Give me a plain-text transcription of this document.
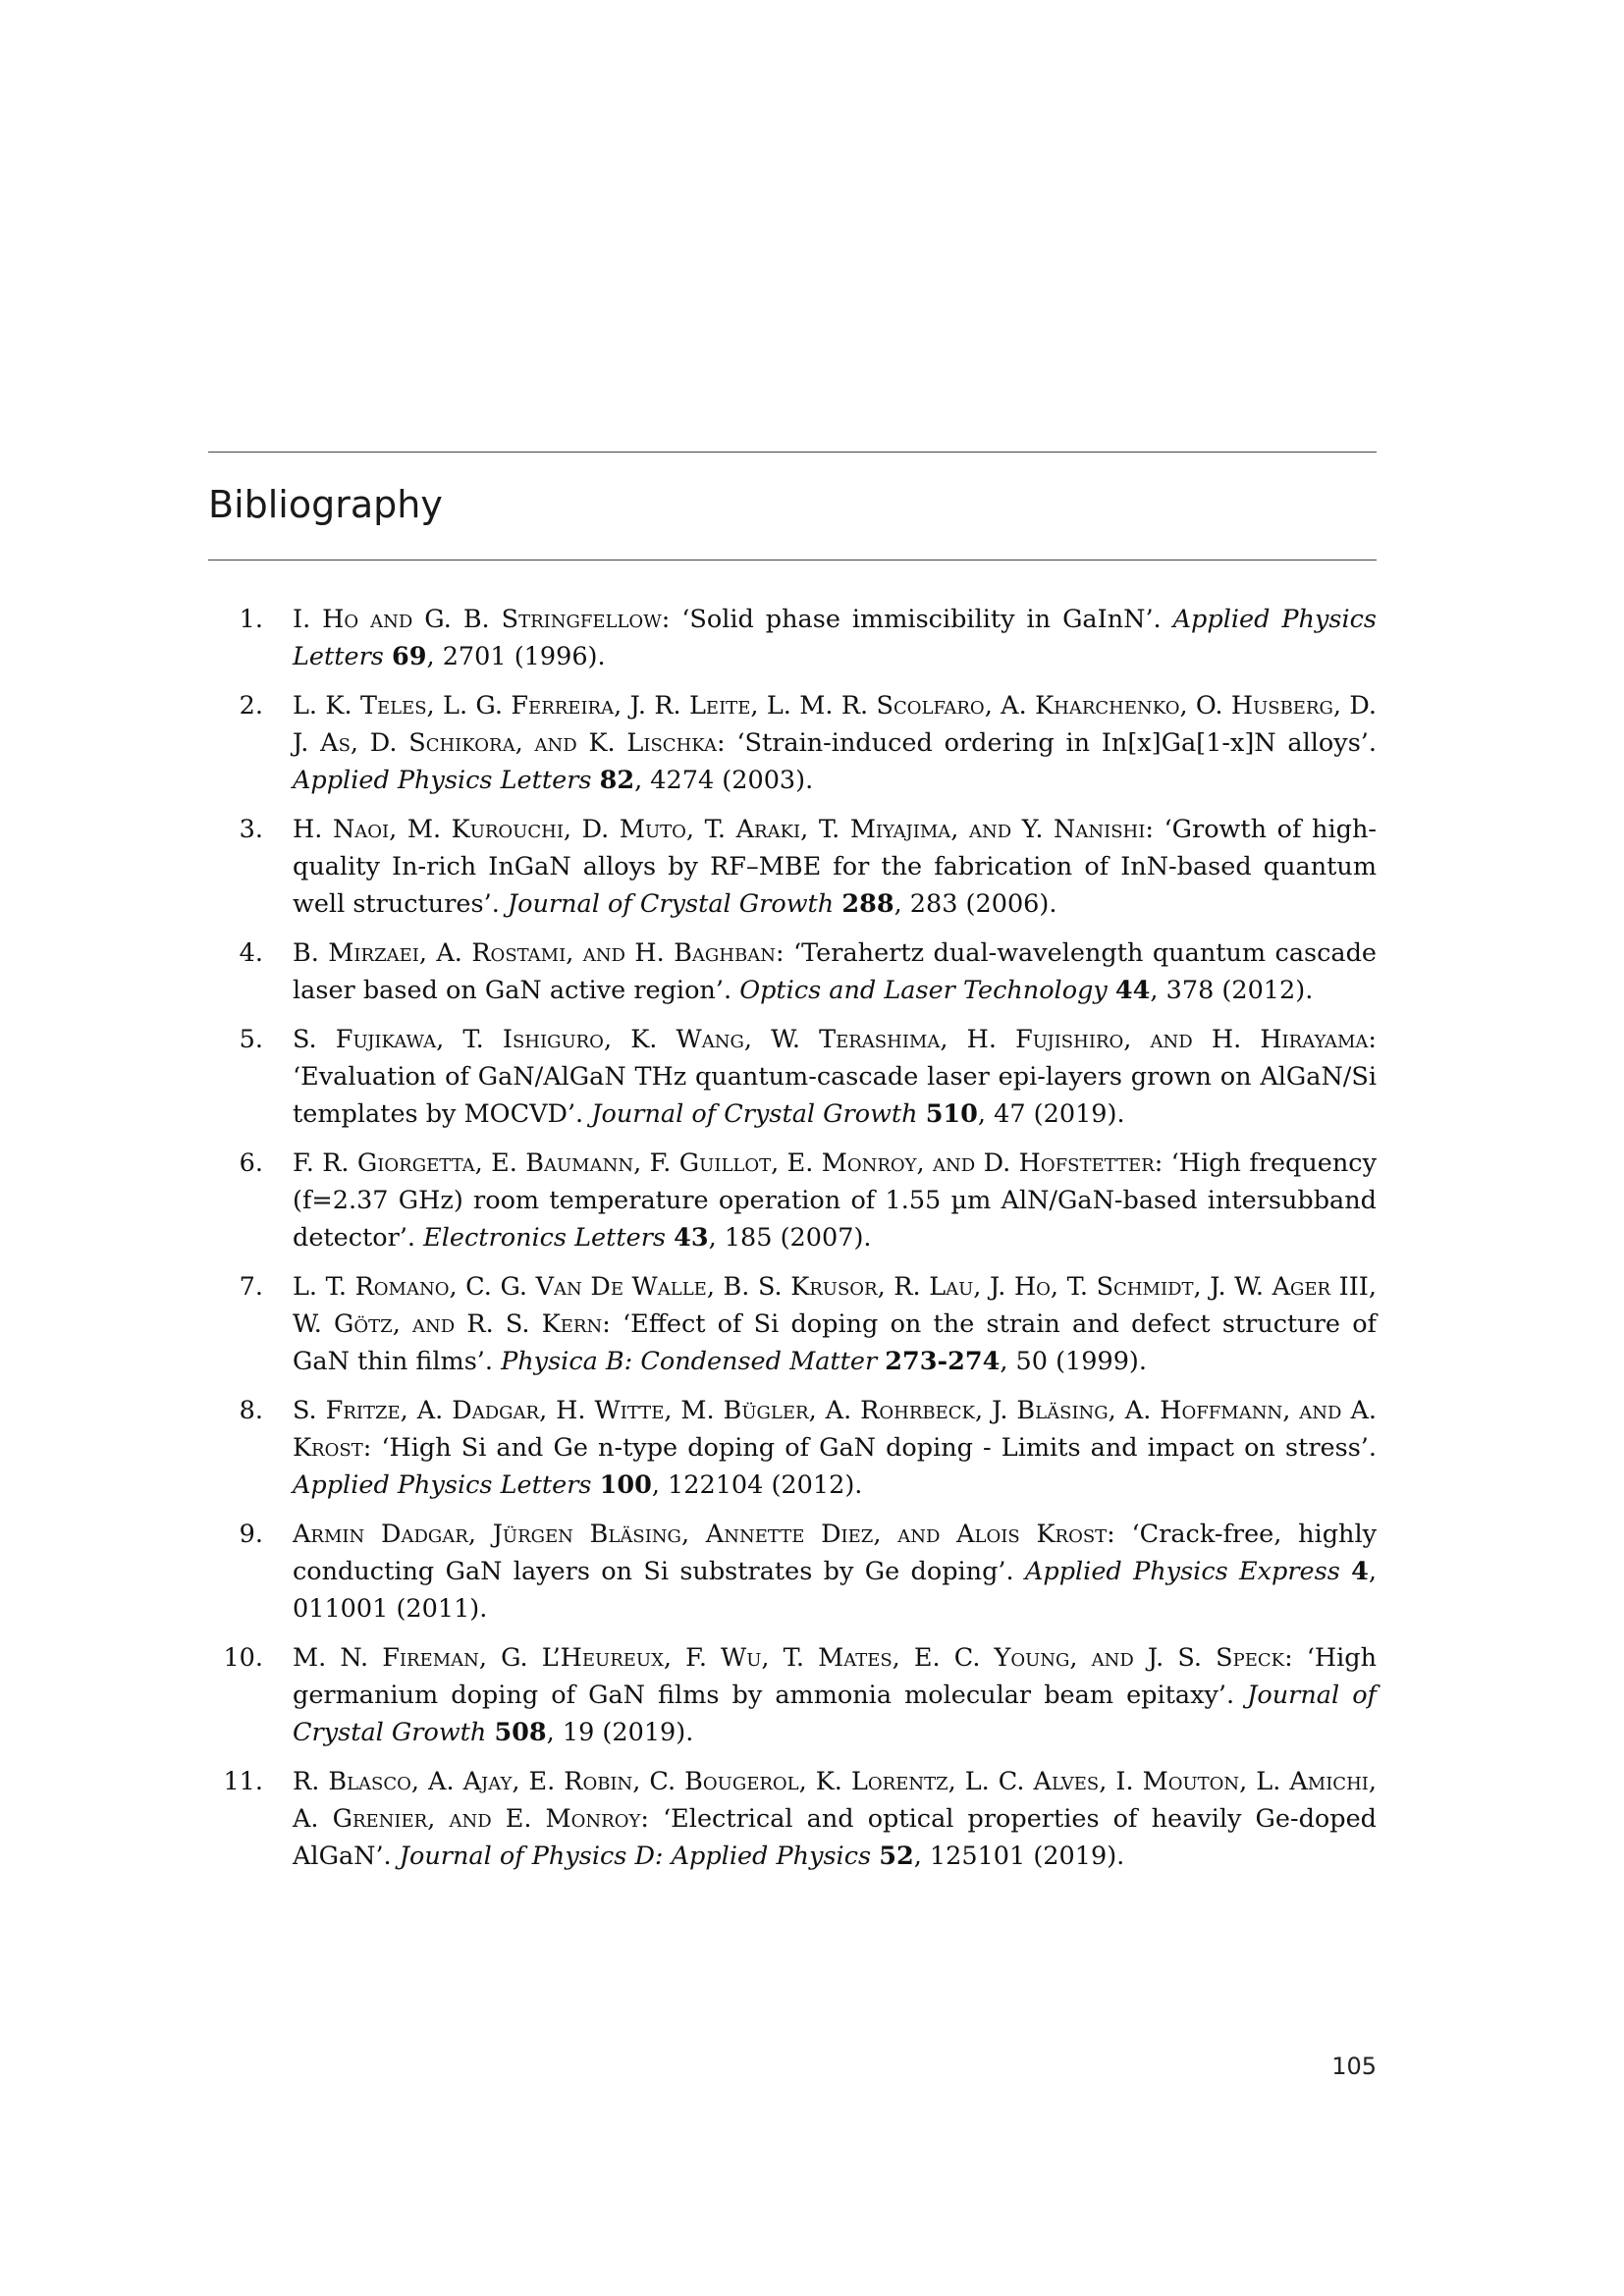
Bibliography
1. I. Ho and G. B. Stringfellow: ‘Solid phase immiscibility in GaInN’. Applied Physics Letters 69, 2701 (1996).
2. L. K. Teles, L. G. Ferreira, J. R. Leite, L. M. R. Scolfaro, A. Kharchenko, O. Husberg, D. J. As, D. Schikora, and K. Lischka: ‘Strain-induced ordering in In[x]Ga[1-x]N alloys’. Applied Physics Letters 82, 4274 (2003).
3. H. Naoi, M. Kurouchi, D. Muto, T. Araki, T. Miyajima, and Y. Nanishi: ‘Growth of high-quality In-rich InGaN alloys by RF–MBE for the fabrication of InN-based quantum well structures’. Journal of Crystal Growth 288, 283 (2006).
4. B. Mirzaei, A. Rostami, and H. Baghban: ‘Terahertz dual-wavelength quantum cascade laser based on GaN active region’. Optics and Laser Technology 44, 378 (2012).
5. S. Fujikawa, T. Ishiguro, K. Wang, W. Terashima, H. Fujishiro, and H. Hirayama: ‘Evaluation of GaN/AlGaN THz quantum-cascade laser epi-layers grown on AlGaN/Si templates by MOCVD’. Journal of Crystal Growth 510, 47 (2019).
6. F. R. Giorgetta, E. Baumann, F. Guillot, E. Monroy, and D. Hofstetter: ‘High frequency (f=2.37 GHz) room temperature operation of 1.55 µm AlN/GaN-based intersubband detector’. Electronics Letters 43, 185 (2007).
7. L. T. Romano, C. G. Van De Walle, B. S. Krusor, R. Lau, J. Ho, T. Schmidt, J. W. Ager III, W. Götz, and R. S. Kern: ‘Effect of Si doping on the strain and defect structure of GaN thin films’. Physica B: Condensed Matter 273-274, 50 (1999).
8. S. Fritze, A. Dadgar, H. Witte, M. Bügler, A. Rohrbeck, J. Bläsing, A. Hoffmann, and A. Krost: ‘High Si and Ge n-type doping of GaN doping - Limits and impact on stress’. Applied Physics Letters 100, 122104 (2012).
9. Armin Dadgar, Jürgen Bläsing, Annette Diez, and Alois Krost: ‘Crack-free, highly conducting GaN layers on Si substrates by Ge doping’. Applied Physics Express 4, 011001 (2011).
10. M. N. Fireman, G. L’Heureux, F. Wu, T. Mates, E. C. Young, and J. S. Speck: ‘High germanium doping of GaN films by ammonia molecular beam epitaxy’. Journal of Crystal Growth 508, 19 (2019).
11. R. Blasco, A. Ajay, E. Robin, C. Bougerol, K. Lorentz, L. C. Alves, I. Mouton, L. Amichi, A. Grenier, and E. Monroy: ‘Electrical and optical properties of heavily Ge-doped AlGaN’. Journal of Physics D: Applied Physics 52, 125101 (2019).
105
